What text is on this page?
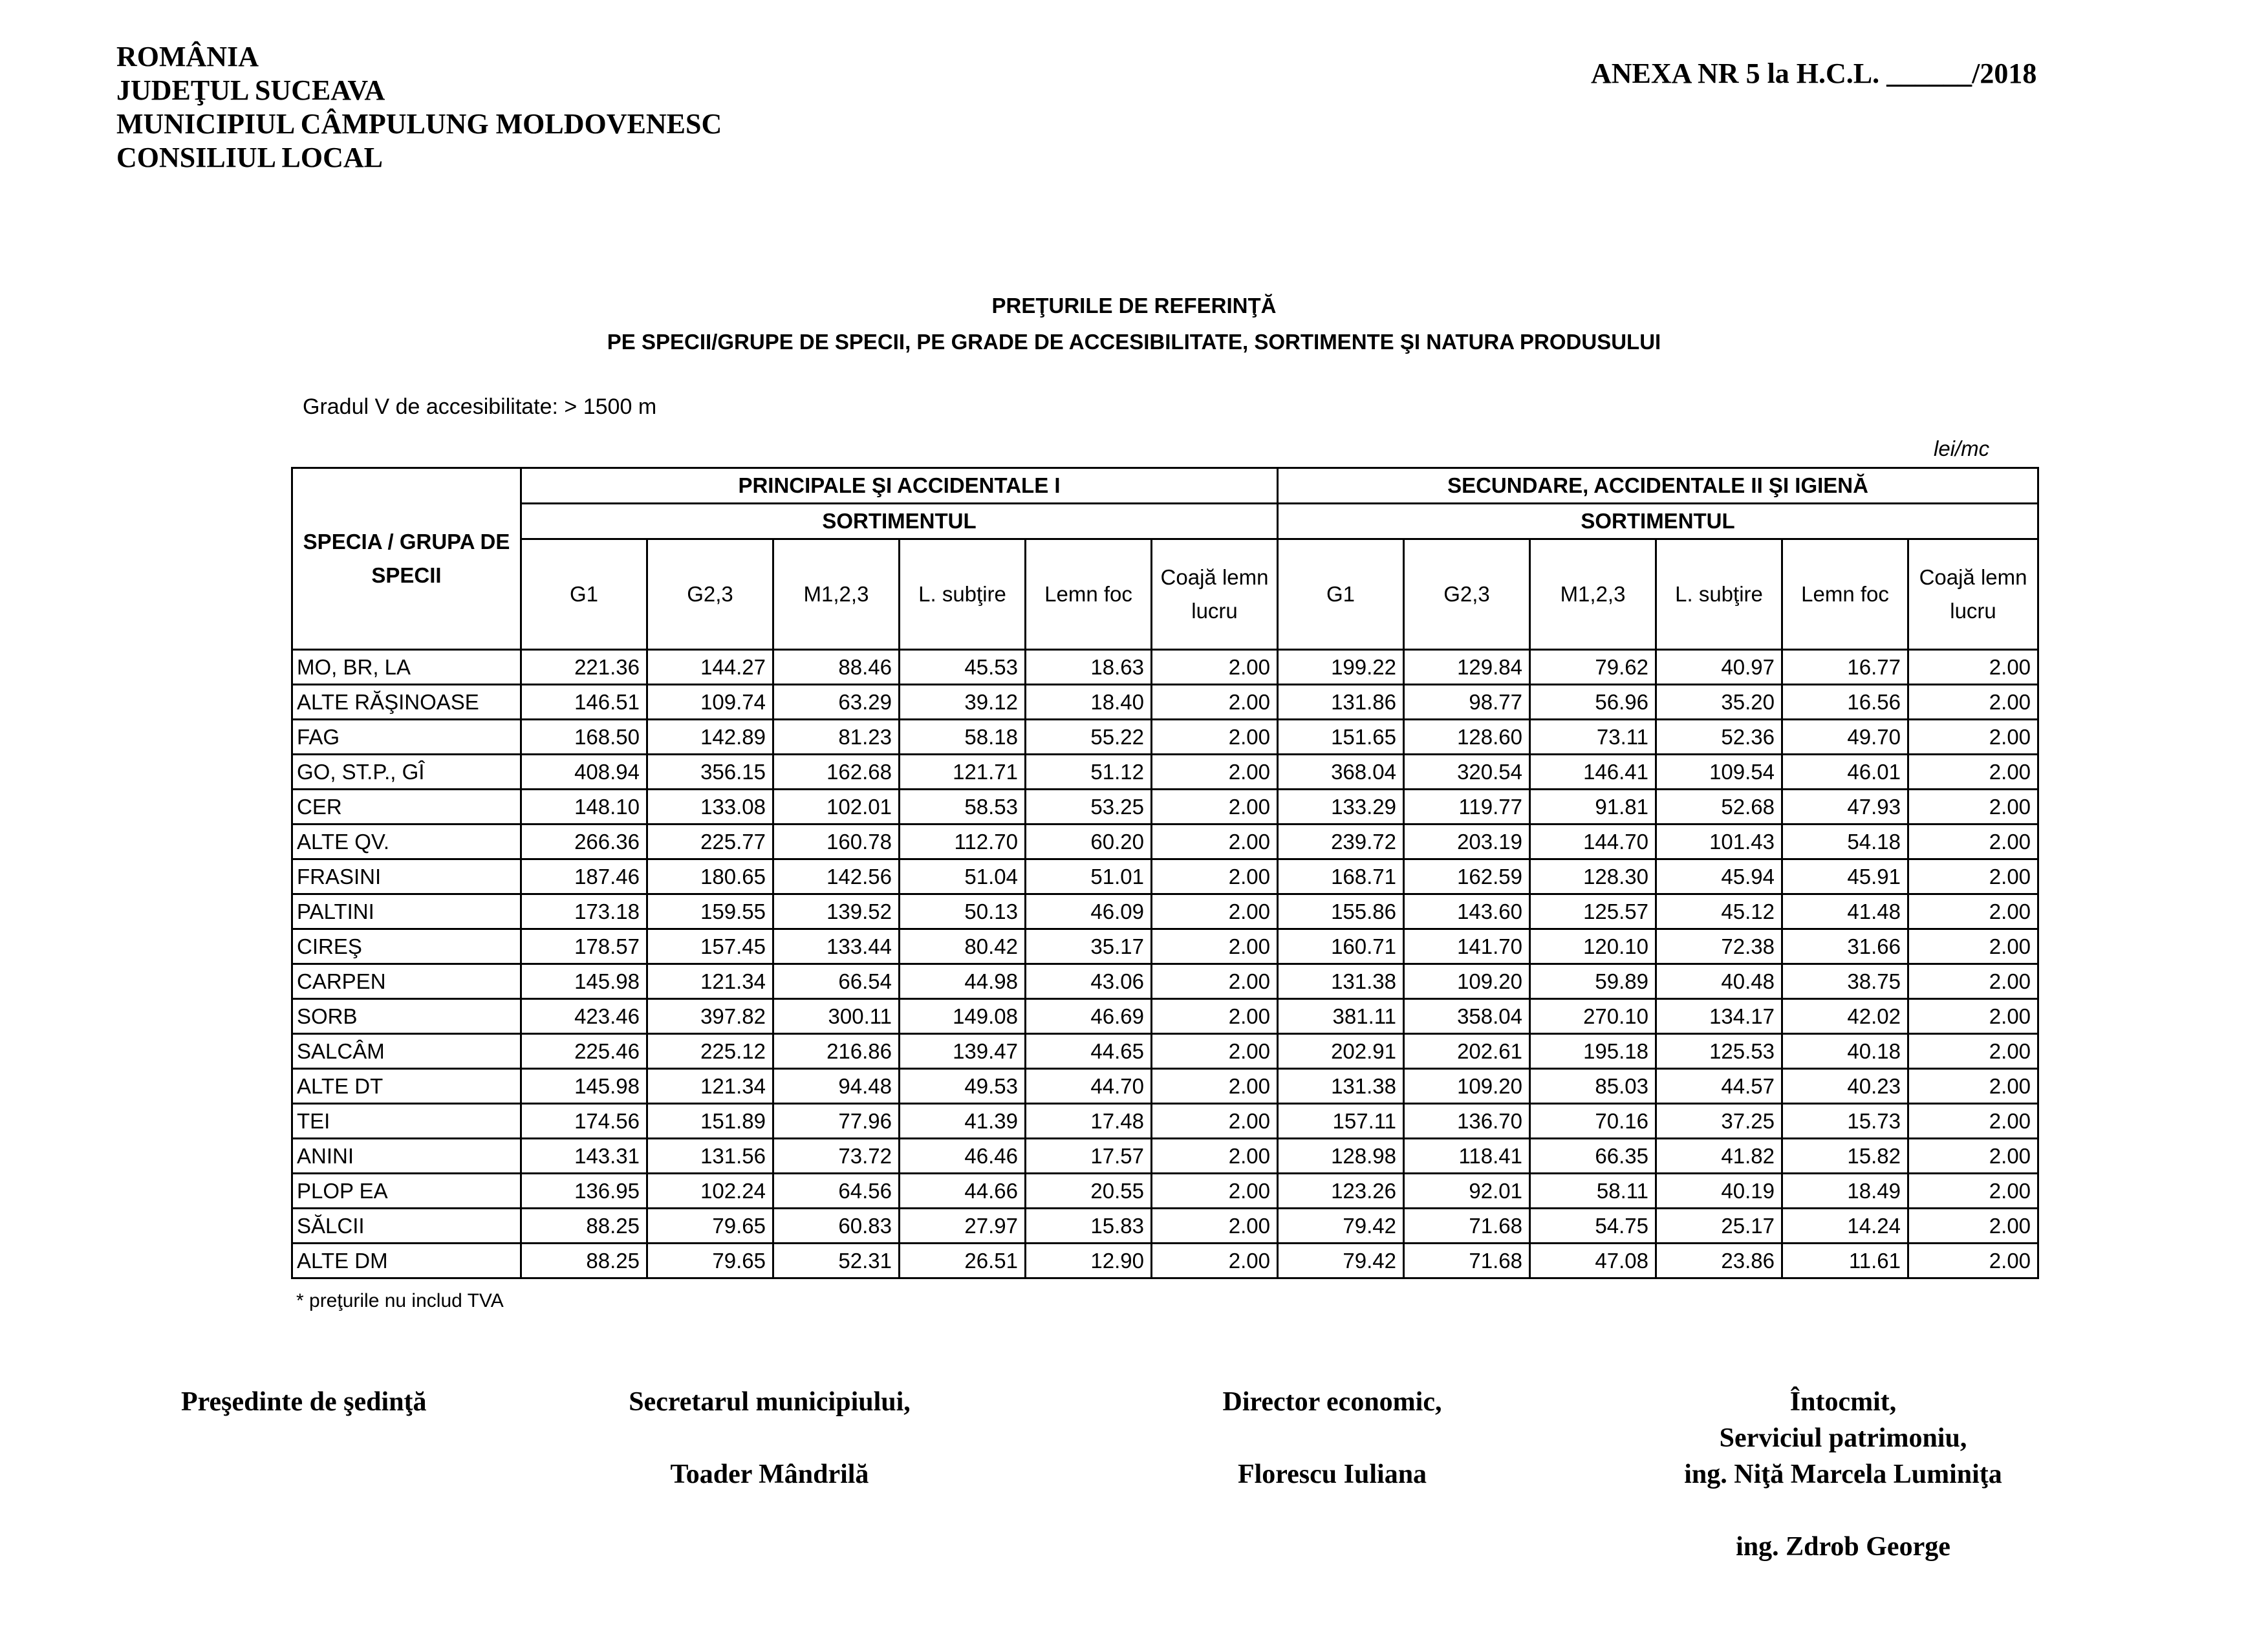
ROMÂNIA
JUDEŢUL SUCEAVA
MUNICIPIUL CÂMPULUNG MOLDOVENESC
CONSILIUL LOCAL
ANEXA NR 5 la H.C.L. ______/2018
PREŢURILE DE REFERINŢĂ
PE SPECII/GRUPE DE SPECII, PE GRADE DE ACCESIBILITATE, SORTIMENTE ŞI NATURA PRODUSULUI
Gradul V de accesibilitate: > 1500 m
lei/mc
SPECIA / GRUPA DE SPECII	PRINCIPALE ŞI ACCIDENTALE I						SECUNDARE, ACCIDENTALE II ŞI IGIENĂ					
	SORTIMENTUL						SORTIMENTUL					
	G1	G2,3	M1,2,3	L. subţire	Lemn foc	Coajă lemn lucru	G1	G2,3	M1,2,3	L. subţire	Lemn foc	Coajă lemn lucru
MO, BR, LA	221.36	144.27	88.46	45.53	18.63	2.00	199.22	129.84	79.62	40.97	16.77	2.00
ALTE RĂŞINOASE	146.51	109.74	63.29	39.12	18.40	2.00	131.86	98.77	56.96	35.20	16.56	2.00
FAG	168.50	142.89	81.23	58.18	55.22	2.00	151.65	128.60	73.11	52.36	49.70	2.00
GO, ST.P., GÎ	408.94	356.15	162.68	121.71	51.12	2.00	368.04	320.54	146.41	109.54	46.01	2.00
CER	148.10	133.08	102.01	58.53	53.25	2.00	133.29	119.77	91.81	52.68	47.93	2.00
ALTE QV.	266.36	225.77	160.78	112.70	60.20	2.00	239.72	203.19	144.70	101.43	54.18	2.00
FRASINI	187.46	180.65	142.56	51.04	51.01	2.00	168.71	162.59	128.30	45.94	45.91	2.00
PALTINI	173.18	159.55	139.52	50.13	46.09	2.00	155.86	143.60	125.57	45.12	41.48	2.00
CIREŞ	178.57	157.45	133.44	80.42	35.17	2.00	160.71	141.70	120.10	72.38	31.66	2.00
CARPEN	145.98	121.34	66.54	44.98	43.06	2.00	131.38	109.20	59.89	40.48	38.75	2.00
SORB	423.46	397.82	300.11	149.08	46.69	2.00	381.11	358.04	270.10	134.17	42.02	2.00
SALCÂM	225.46	225.12	216.86	139.47	44.65	2.00	202.91	202.61	195.18	125.53	40.18	2.00
ALTE DT	145.98	121.34	94.48	49.53	44.70	2.00	131.38	109.20	85.03	44.57	40.23	2.00
TEI	174.56	151.89	77.96	41.39	17.48	2.00	157.11	136.70	70.16	37.25	15.73	2.00
ANINI	143.31	131.56	73.72	46.46	17.57	2.00	128.98	118.41	66.35	41.82	15.82	2.00
PLOP EA	136.95	102.24	64.56	44.66	20.55	2.00	123.26	92.01	58.11	40.19	18.49	2.00
SĂLCII	88.25	79.65	60.83	27.97	15.83	2.00	79.42	71.68	54.75	25.17	14.24	2.00
ALTE DM	88.25	79.65	52.31	26.51	12.90	2.00	79.42	71.68	47.08	23.86	11.61	2.00
* preţurile nu includ TVA
Preşedinte de şedinţă	Secretarul municipiului,
Toader Mândrilă
Director economic,
Florescu Iuliana
Întocmit,
Serviciul patrimoniu,
ing. Niţă Marcela Luminiţa
ing. Zdrob George
